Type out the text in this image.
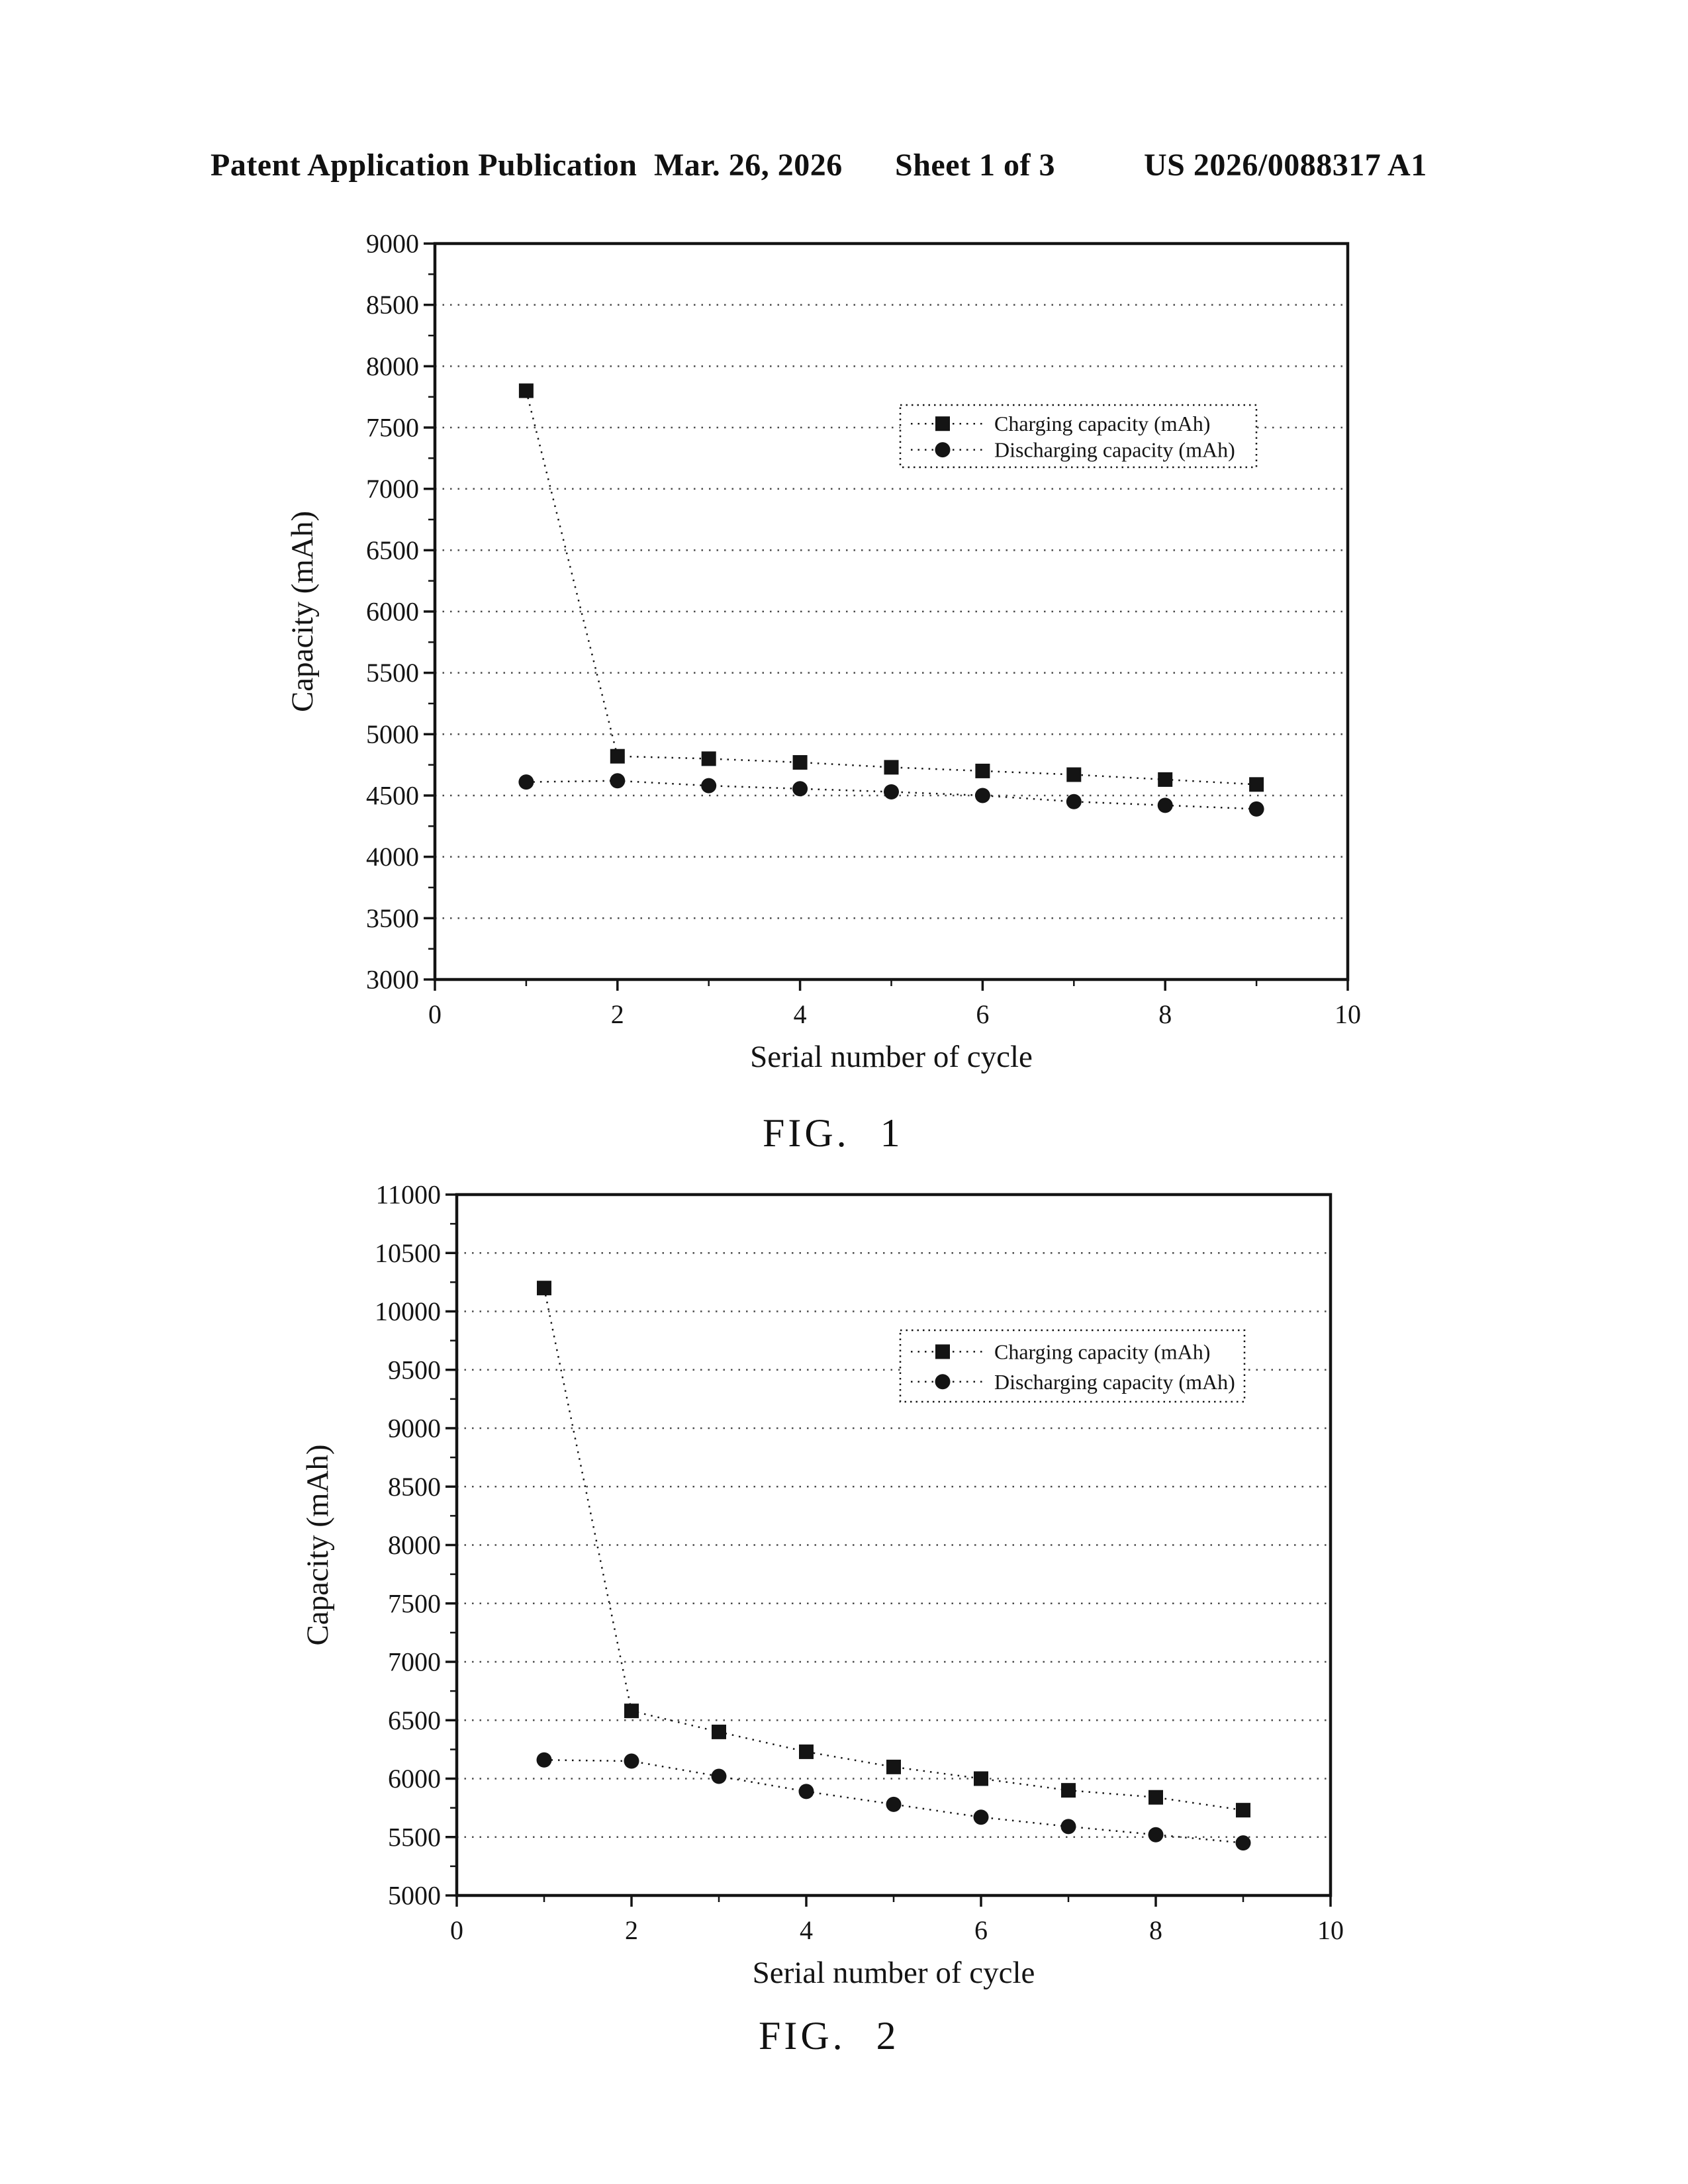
Patent Application Publication Mar. 26, 2026 Sheet 1 of 3	US 2026/0088317 A1
3000
3500
4000
4500
5000
5500
6000
6500
7000
7500
8000
8500
9000
0	2	4	6	8	10
Serial number of cycle
Capacity (mAh)
Charging capacity (mAh)
Discharging capacity (mAh)
FIG. 1
5000
5500
6000
6500
7000
7500
8000
8500
9000
9500
10000
10500
11000
0	2	4	6	8	10
Serial number of cycle
Capacity (mAh)
Charging capacity (mAh)
Discharging capacity (mAh)
FIG. 2
